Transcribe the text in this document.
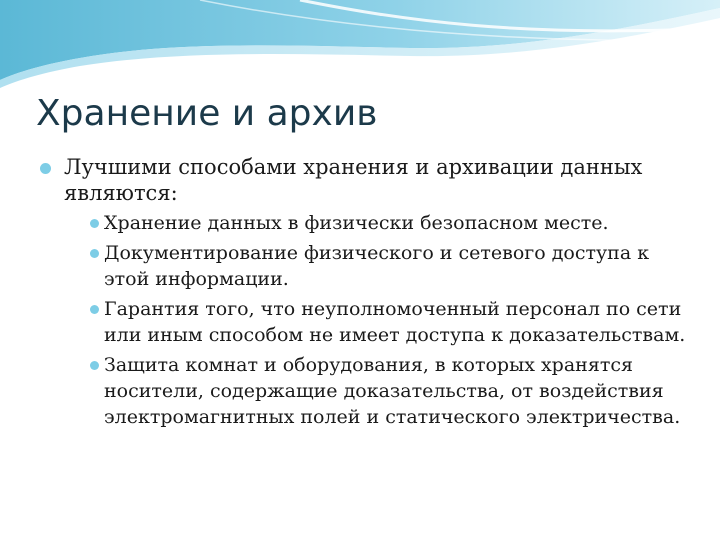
Хранение и архив
Лучшими способами хранения и архивации данных являются:
Хранение данных в физически безопасном месте.
Документирование физического и сетевого доступа к этой информации.
Гарантия того, что неуполномоченный персонал по сети или иным способом не имеет доступа к доказательствам.
Защита комнат и оборудования, в которых хранятся носители, содержащие доказательства, от воздействия электромагнитных полей и статического электричества.
